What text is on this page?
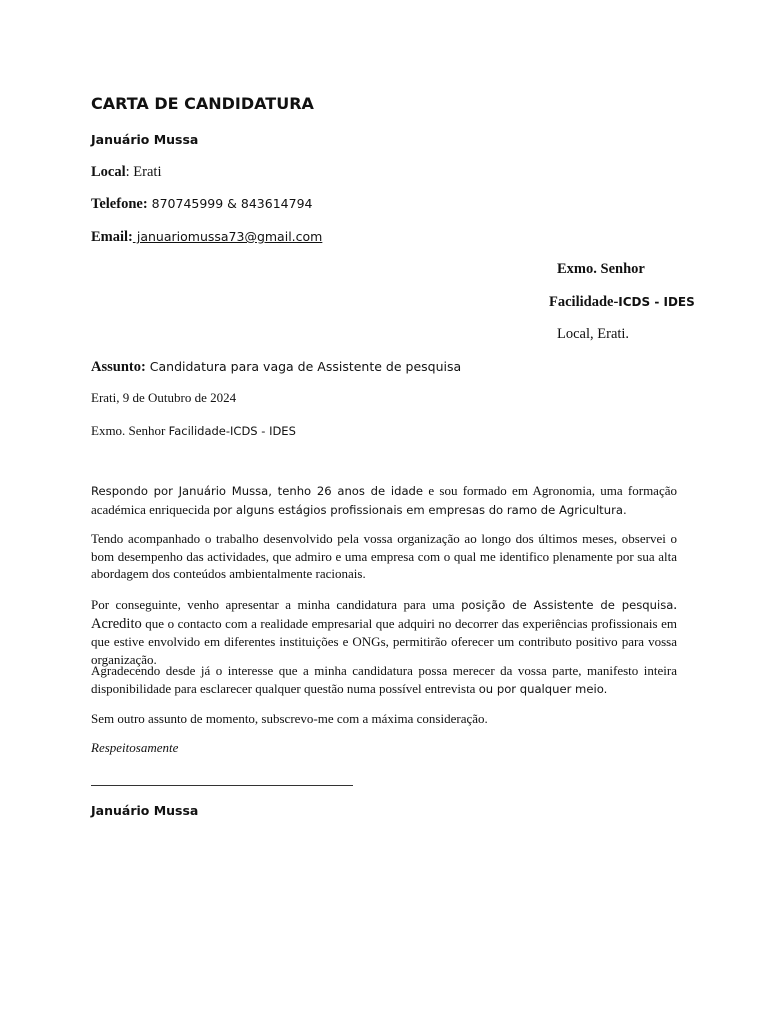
CARTA DE CANDIDATURA
Januário Mussa
Local: Erati
Telefone: 870745999 & 843614794
Email: januariomussa73@gmail.com
Exmo. Senhor
Facilidade-ICDS - IDES
Local, Erati.
Assunto: Candidatura para vaga de Assistente de pesquisa
Erati, 9 de Outubro de 2024
Exmo. Senhor Facilidade-ICDS - IDES

Respondo por Januário Mussa, tenho 26 anos de idade e sou formado em Agronomia, uma formação académica enriquecida por alguns estágios profissionais em empresas do ramo de Agricultura.

Tendo acompanhado o trabalho desenvolvido pela vossa organização ao longo dos últimos meses, observei o bom desempenho das actividades, que admiro e uma empresa com o qual me identifico plenamente por sua alta abordagem dos conteúdos ambientalmente racionais.

Por conseguinte, venho apresentar a minha candidatura para uma posição de Assistente de pesquisa. Acredito que o contacto com a realidade empresarial que adquiri no decorrer das experiências profissionais em que estive envolvido em diferentes instituições e ONGs, permitirão oferecer um contributo positivo para vossa organização.

Agradecendo desde já o interesse que a minha candidatura possa merecer da vossa parte, manifesto inteira disponibilidade para esclarecer qualquer questão numa possível entrevista ou por qualquer meio.

Sem outro assunto de momento, subscrevo-me com a máxima consideração.

Respeitosamente
Januário Mussa
